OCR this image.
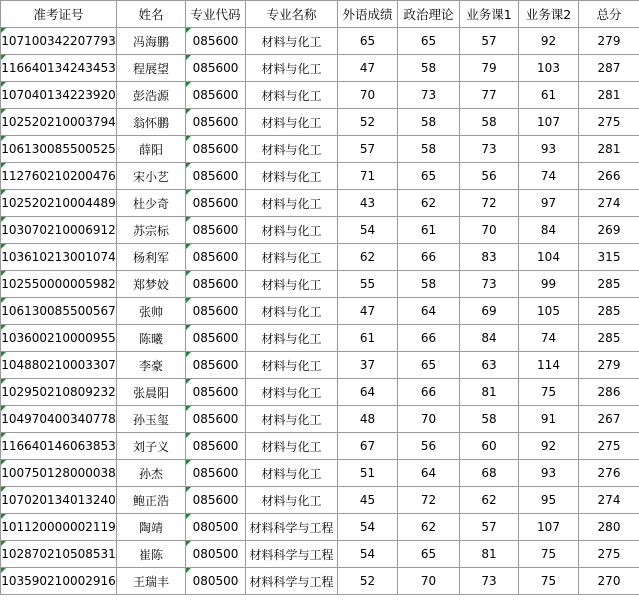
准考证号	姓名	专业代码	专业名称	外语成绩	政治理论	业务课1	业务课2	总分
107100342207793	冯海鹏	085600	材料与化工	65	65	57	92	279
116640134243453	程展望	085600	材料与化工	47	58	79	103	287
107040134223920	彭浩源	085600	材料与化工	70	73	77	61	281
102520210003794	翁怀鹏	085600	材料与化工	52	58	58	107	275
106130085500525	薛阳	085600	材料与化工	57	58	73	93	281
112760210200476	宋小艺	085600	材料与化工	71	65	56	74	266
102520210004489	杜少奇	085600	材料与化工	43	62	72	97	274
103070210006912	苏宗标	085600	材料与化工	54	61	70	84	269
103610213001074	杨利军	085600	材料与化工	62	66	83	104	315
102550000005982	郑梦姣	085600	材料与化工	55	58	73	99	285
106130085500567	张帅	085600	材料与化工	47	64	69	105	285
103600210000955	陈曦	085600	材料与化工	61	66	84	74	285
104880210003307	李豪	085600	材料与化工	37	65	63	114	279
102950210809232	张晨阳	085600	材料与化工	64	66	81	75	286
104970400340778	孙玉玺	085600	材料与化工	48	70	58	91	267
116640146063853	刘子义	085600	材料与化工	67	56	60	92	275
100750128000038	孙杰	085600	材料与化工	51	64	68	93	276
107020134013240	鲍正浩	085600	材料与化工	45	72	62	95	274
101120000002119	陶靖	080500	材料科学与工程	54	62	57	107	280
102870210508531	崔陈	080500	材料科学与工程	54	65	81	75	275
103590210002916	王瑞丰	080500	材料科学与工程	52	70	73	75	270
